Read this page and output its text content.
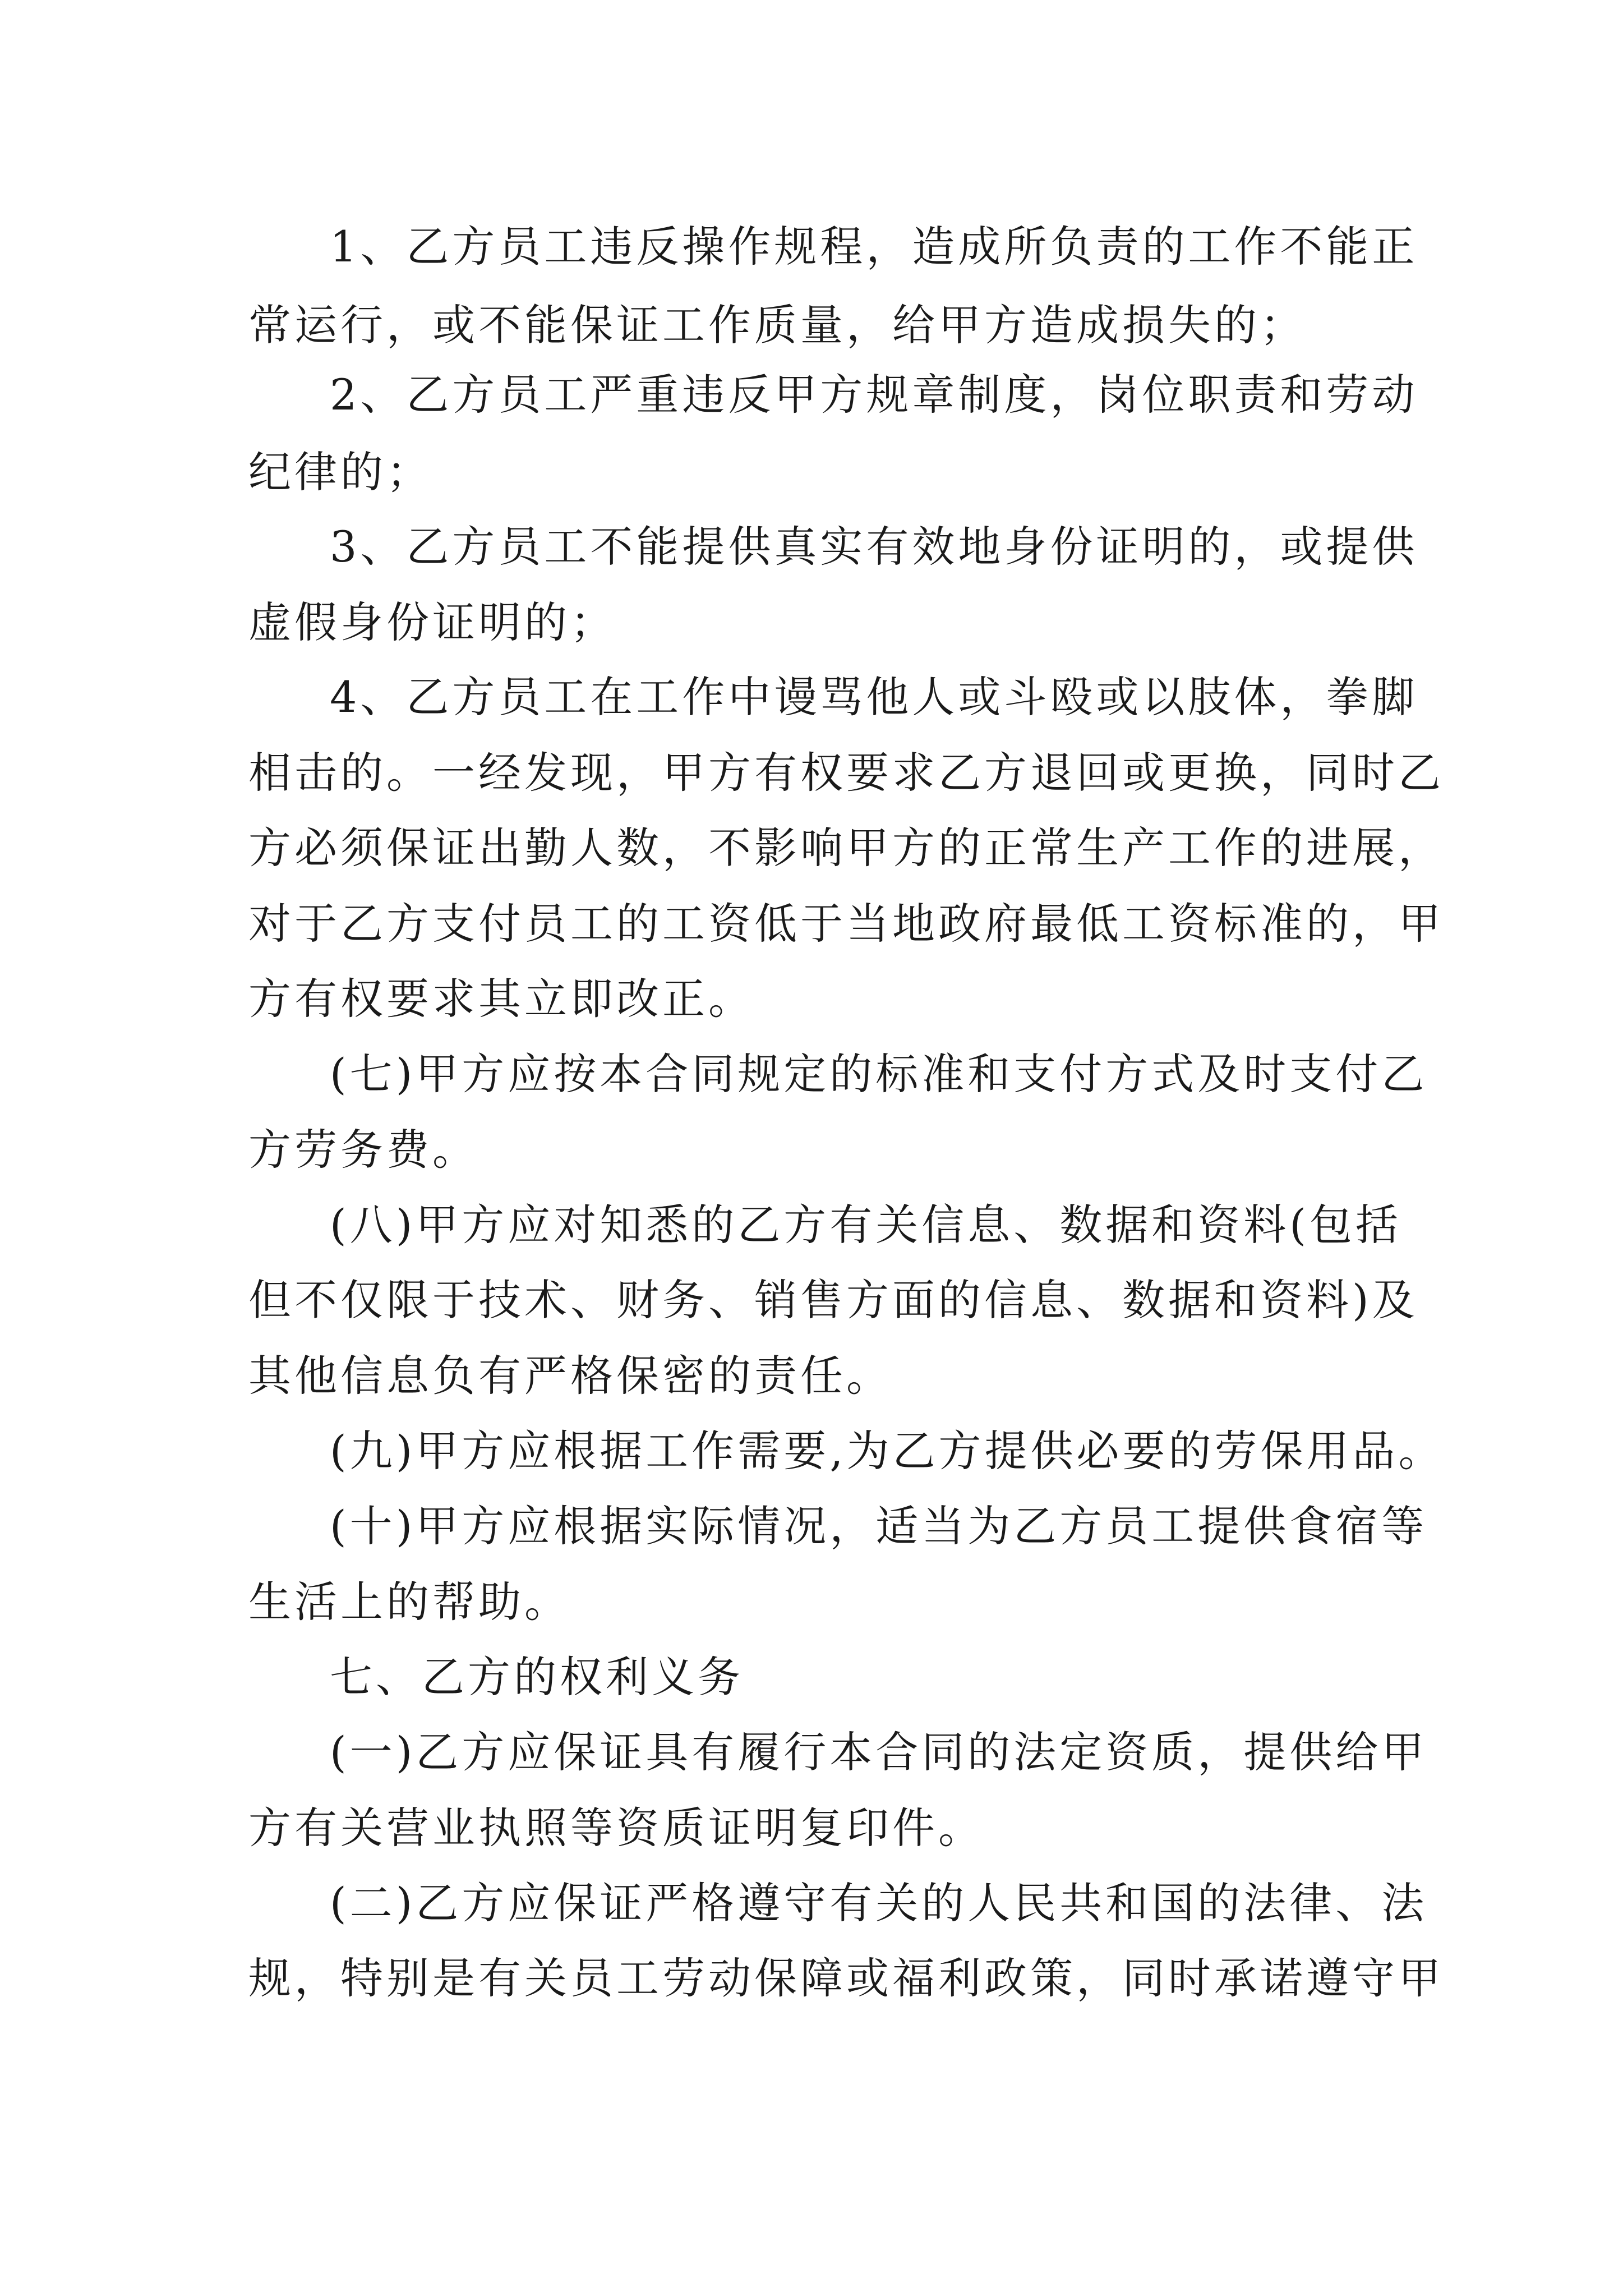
1、乙方员工违反操作规程，造成所负责的工作不能正

常运行，或不能保证工作质量，给甲方造成损失的；

2、乙方员工严重违反甲方规章制度，岗位职责和劳动

纪律的；

3、乙方员工不能提供真实有效地身份证明的，或提供

虚假身份证明的；

4、乙方员工在工作中谩骂他人或斗殴或以肢体，拳脚

相击的。一经发现，甲方有权要求乙方退回或更换，同时乙

方必须保证出勤人数，不影响甲方的正常生产工作的进展，

对于乙方支付员工的工资低于当地政府最低工资标准的，甲

方有权要求其立即改正。

(七)甲方应按本合同规定的标准和支付方式及时支付乙

方劳务费。

(八)甲方应对知悉的乙方有关信息、数据和资料(包括

但不仅限于技术、财务、销售方面的信息、数据和资料)及

其他信息负有严格保密的责任。

(九)甲方应根据工作需要,为乙方提供必要的劳保用品。

(十)甲方应根据实际情况，适当为乙方员工提供食宿等

生活上的帮助。

七、乙方的权利义务

(一)乙方应保证具有履行本合同的法定资质，提供给甲

方有关营业执照等资质证明复印件。

(二)乙方应保证严格遵守有关的人民共和国的法律、法

规，特别是有关员工劳动保障或福利政策，同时承诺遵守甲
